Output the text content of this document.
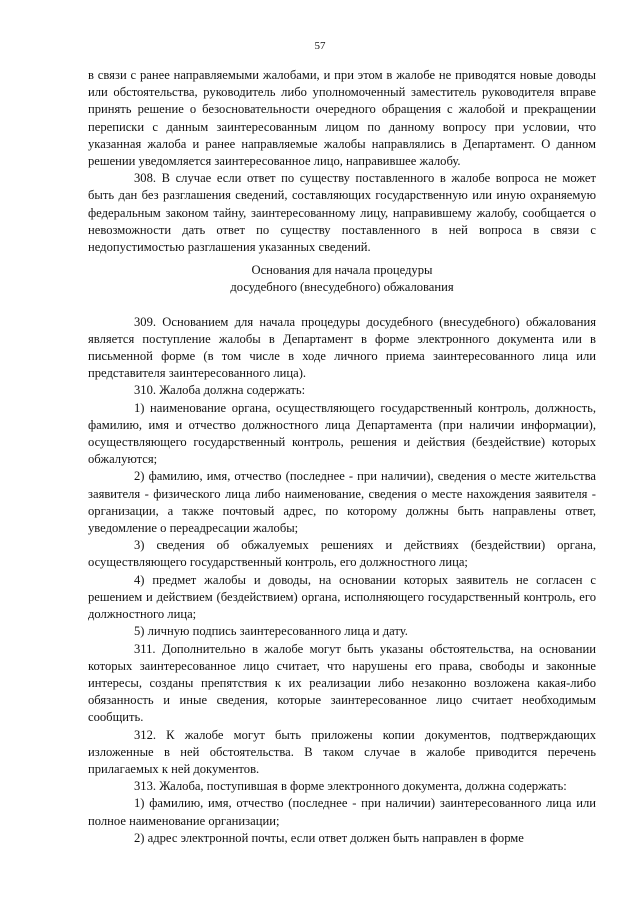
57

в связи с ранее направляемыми жалобами, и при этом в жалобе не приводятся новые доводы или обстоятельства, руководитель либо уполномоченный заместитель руководителя вправе принять решение о безосновательности очередного обращения с жалобой и прекращении переписки с данным заинтересованным лицом по данному вопросу при условии, что указанная жалоба и ранее направляемые жалобы направлялись в Департамент. О данном решении уведомляется заинтересованное лицо, направившее жалобу.

308. В случае если ответ по существу поставленного в жалобе вопроса не может быть дан без разглашения сведений, составляющих государственную или иную охраняемую федеральным законом тайну, заинтересованному лицу, направившему жалобу, сообщается о невозможности дать ответ по существу поставленного в ней вопроса в связи с недопустимостью разглашения указанных сведений.

Основания для начала процедуры
досудебного (внесудебного) обжалования

309. Основанием для начала процедуры досудебного (внесудебного) обжалования является поступление жалобы в Департамент в форме электронного документа или в письменной форме (в том числе в ходе личного приема заинтересованного лица или представителя заинтересованного лица).

310. Жалоба должна содержать:

1) наименование органа, осуществляющего государственный контроль, должность, фамилию, имя и отчество должностного лица Департамента (при наличии информации), осуществляющего государственный контроль, решения и действия (бездействие) которых обжалуются;

2) фамилию, имя, отчество (последнее - при наличии), сведения о месте жительства заявителя - физического лица либо наименование, сведения о месте нахождения заявителя - организации, а также почтовый адрес, по которому должны быть направлены ответ, уведомление о переадресации жалобы;

3) сведения об обжалуемых решениях и действиях (бездействии) органа, осуществляющего государственный контроль, его должностного лица;

4) предмет жалобы и доводы, на основании которых заявитель не согласен с решением и действием (бездействием) органа, исполняющего государственный контроль, его должностного лица;

5) личную подпись заинтересованного лица и дату.

311. Дополнительно в жалобе могут быть указаны обстоятельства, на основании которых заинтересованное лицо считает, что нарушены его права, свободы и законные интересы, созданы препятствия к их реализации либо незаконно возложена какая-либо обязанность и иные сведения, которые заинтересованное лицо считает необходимым сообщить.

312. К жалобе могут быть приложены копии документов, подтверждающих изложенные в ней обстоятельства. В таком случае в жалобе приводится перечень прилагаемых к ней документов.

313. Жалоба, поступившая в форме электронного документа, должна содержать:

1) фамилию, имя, отчество (последнее - при наличии) заинтересованного лица или полное наименование организации;

2) адрес электронной почты, если ответ должен быть направлен в форме
